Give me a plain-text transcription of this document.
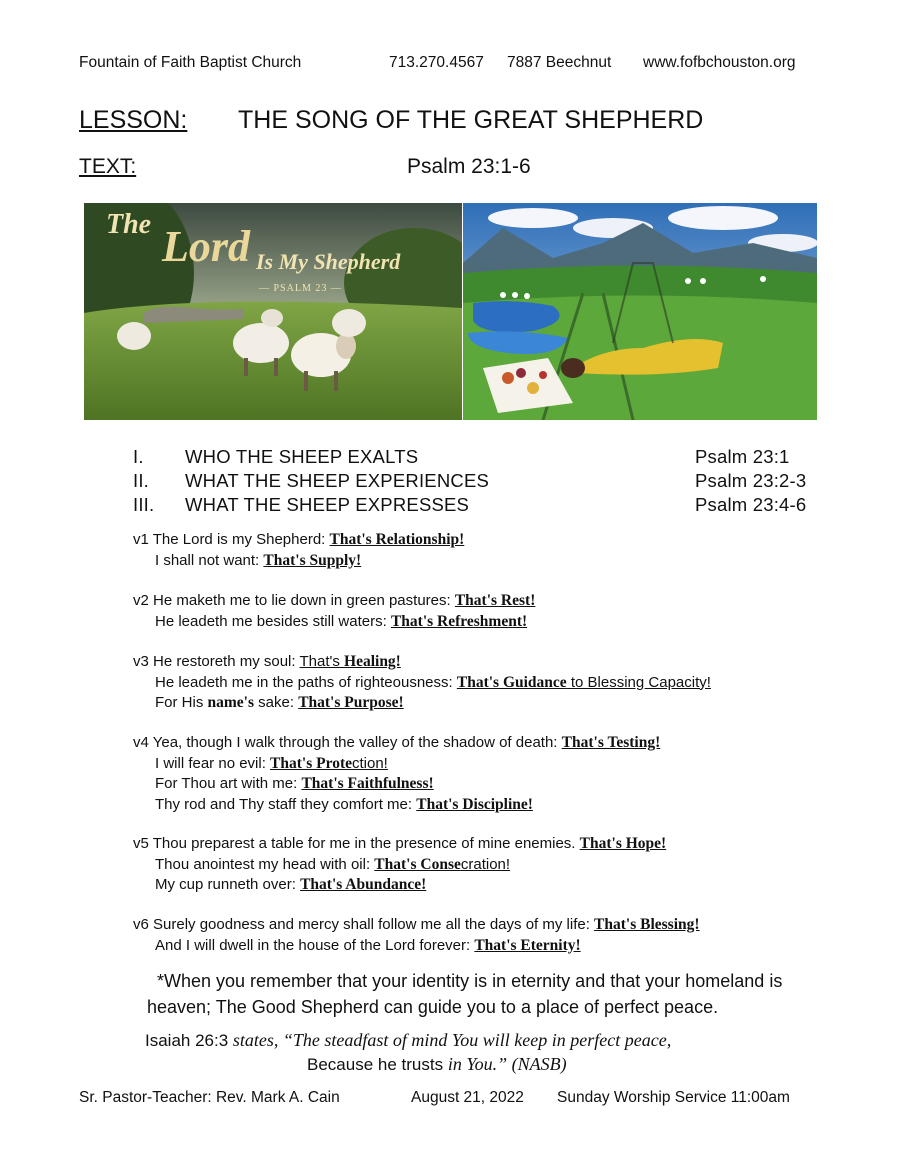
Fountain of Faith Baptist Church	713.270.4567 7887 Beechnut www.fofbchouston.org
LESSON: THE SONG OF THE GREAT SHEPHERD
TEXT:	Psalm 23:1-6
The Lord Is My Shepherd
— PSALM 23 —
I. WHO THE SHEEP EXALTS	Psalm 23:1
II. WHAT THE SHEEP EXPERIENCES	Psalm 23:2-3
III. WHAT THE SHEEP EXPRESSES	Psalm 23:4-6
v1 The Lord is my Shepherd: That's Relationship!
I shall not want: That's Supply!
v2 He maketh me to lie down in green pastures: That's Rest!
He leadeth me besides still waters: That's Refreshment!
v3 He restoreth my soul: That's Healing!
He leadeth me in the paths of righteousness: That's Guidance to Blessing Capacity!
For His name's sake: That's Purpose!
v4 Yea, though I walk through the valley of the shadow of death: That's Testing!
I will fear no evil: That's Protection!
For Thou art with me: That's Faithfulness!
Thy rod and Thy staff they comfort me: That's Discipline!
v5 Thou preparest a table for me in the presence of mine enemies. That's Hope!
Thou anointest my head with oil: That's Consecration!
My cup runneth over: That's Abundance!
v6 Surely goodness and mercy shall follow me all the days of my life: That's Blessing!
And I will dwell in the house of the Lord forever: That's Eternity!
*When you remember that your identity is in eternity and that your homeland is
heaven; The Good Shepherd can guide you to a place of perfect peace.
Isaiah 26:3 states, “The steadfast of mind You will keep in perfect peace,
Because he trusts in You.” (NASB)
Sr. Pastor-Teacher: Rev. Mark A. Cain	August 21, 2022 Sunday Worship Service 11:00am
